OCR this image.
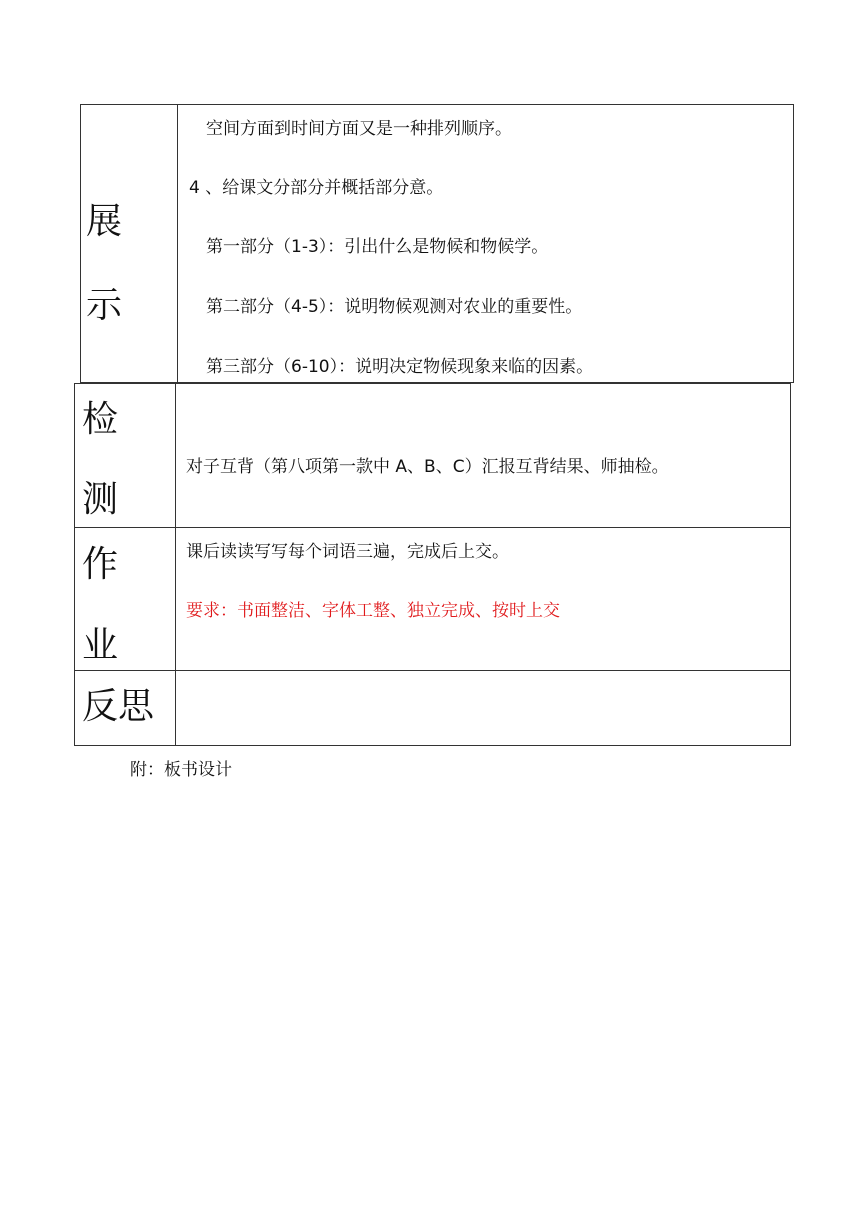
展
示
空间方面到时间方面又是一种排列顺序。
4 、给课文分部分并概括部分意。
第一部分（1-3）：引出什么是物候和物候学。
第二部分（4-5）：说明物候观测对农业的重要性。
第三部分（6-10）：说明决定物候现象来临的因素。
检
测
对子互背（第八项第一款中 A、B、C）汇报互背结果、师抽检。
作
业
课后读读写写每个词语三遍，完成后上交。
要求：书面整洁、字体工整、独立完成、按时上交
反思
附：板书设计
